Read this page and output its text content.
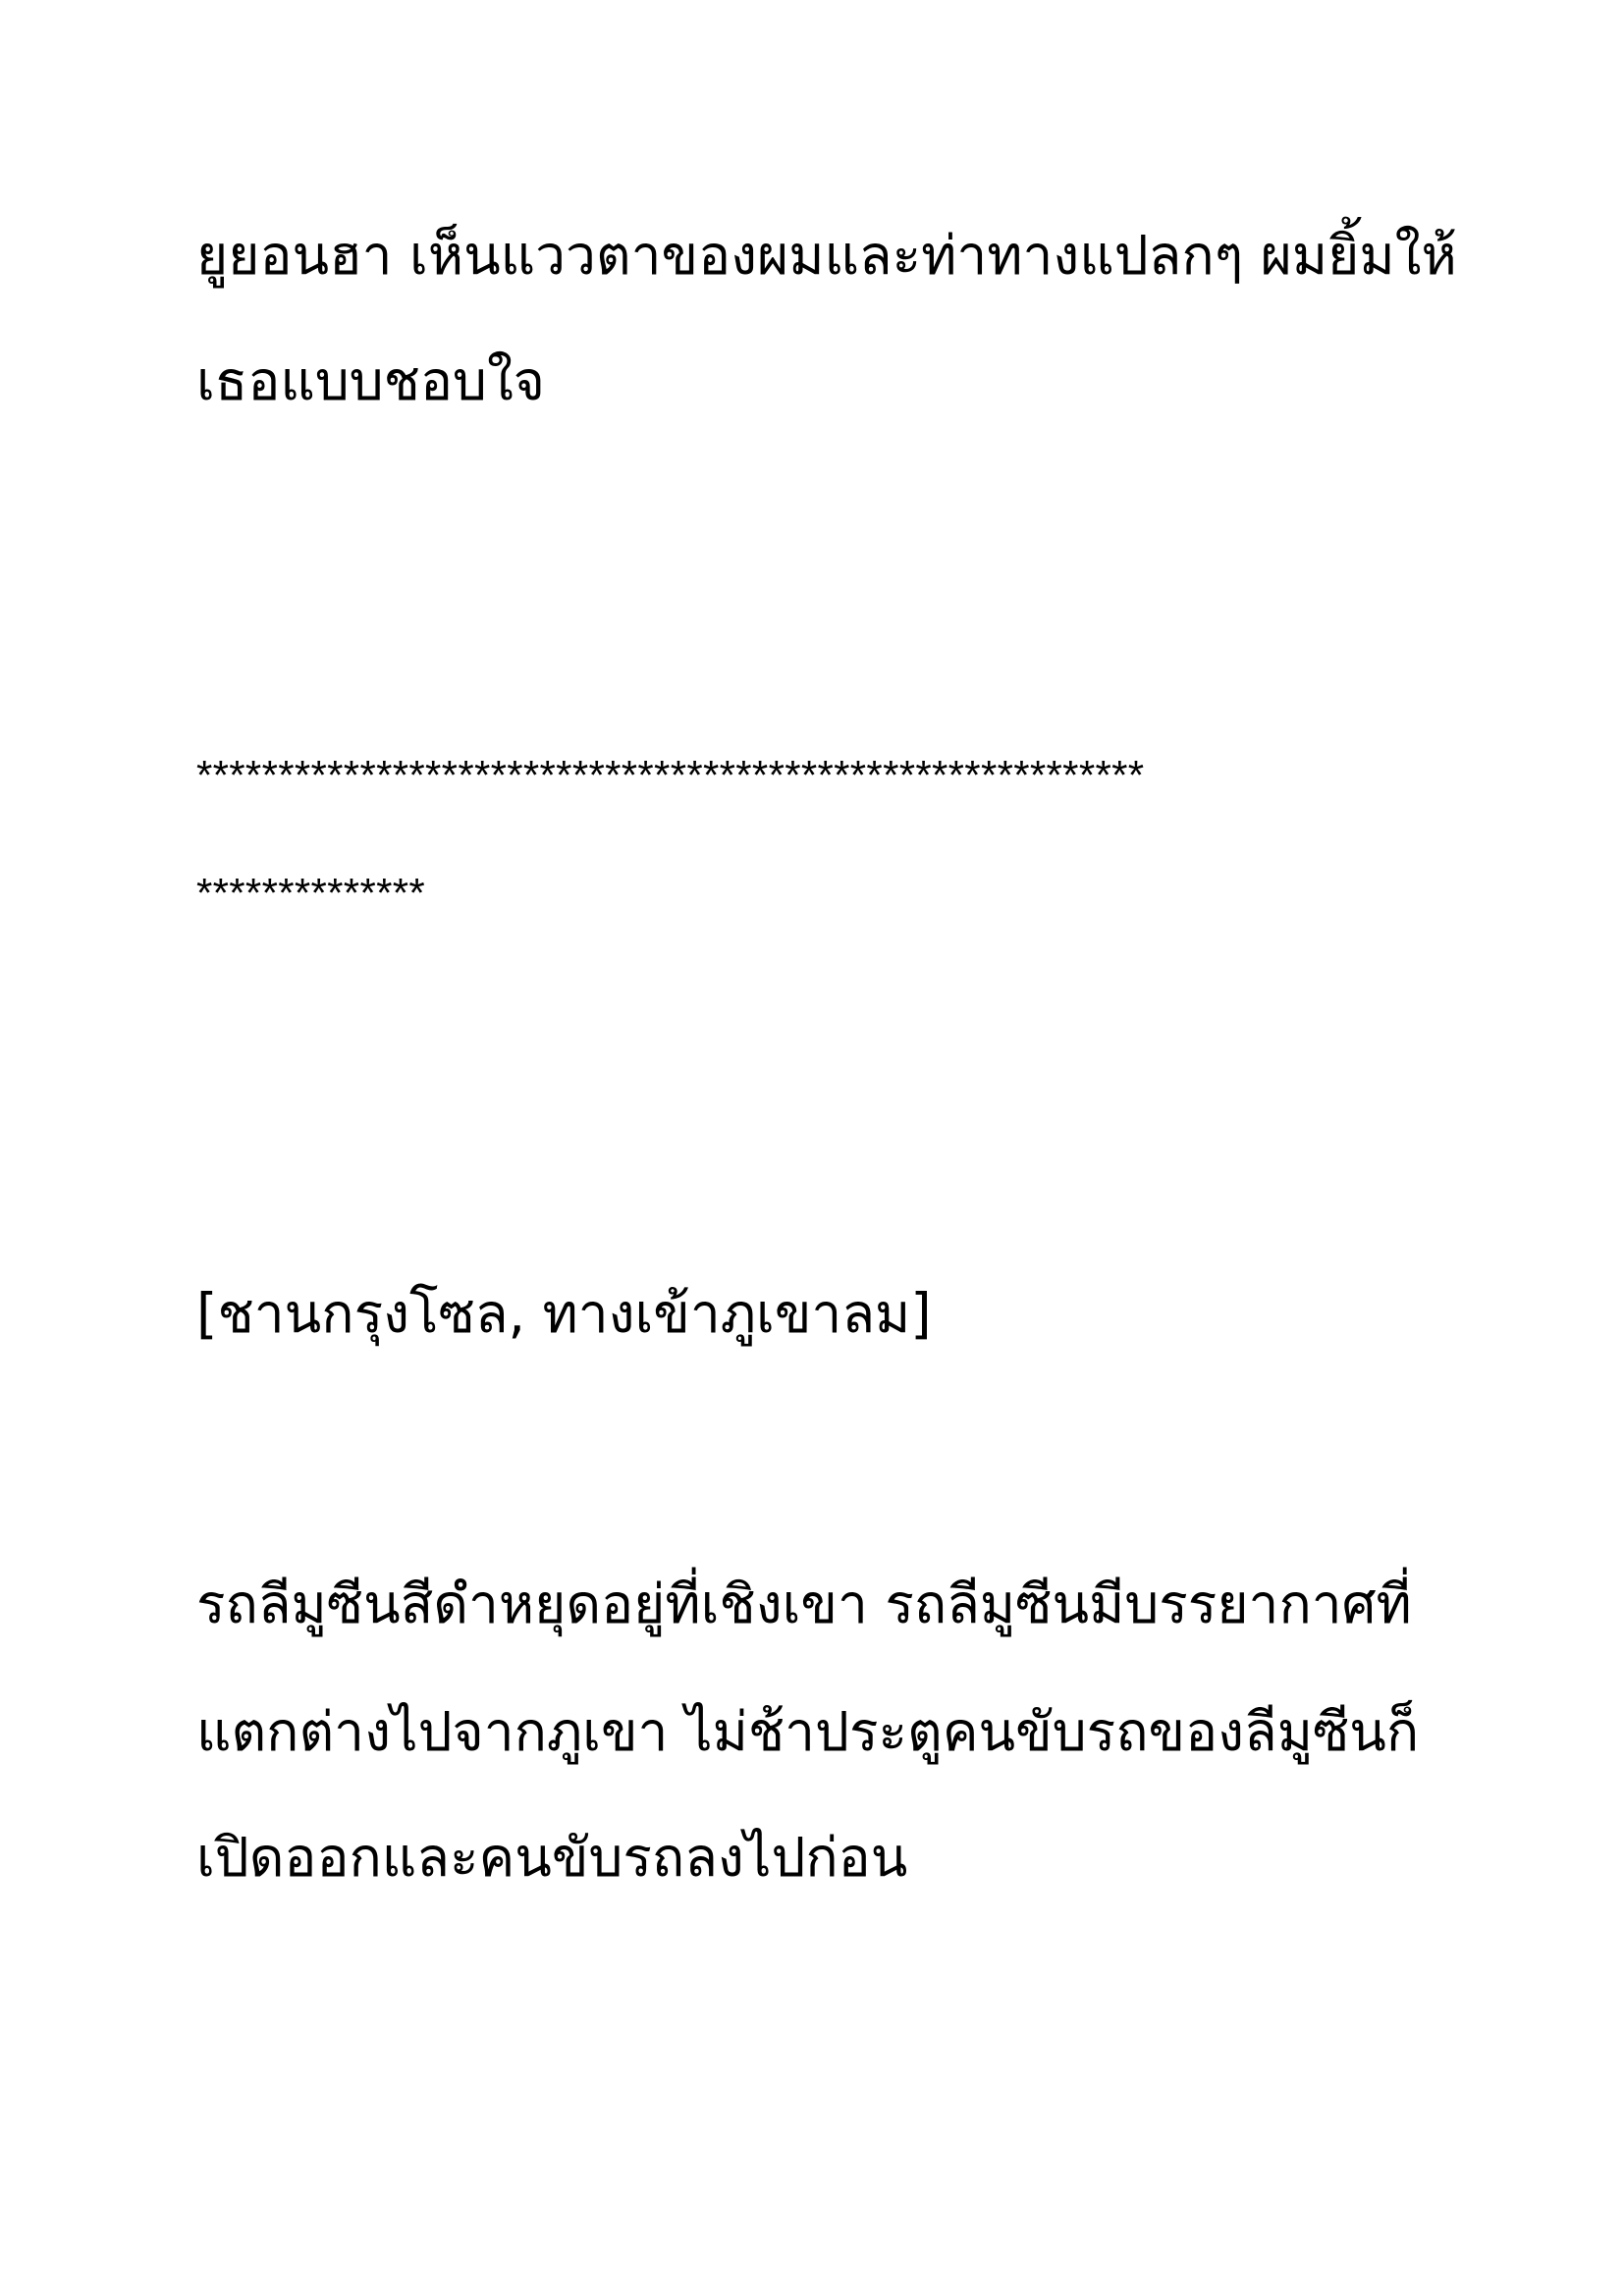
ยูยอนฮา เห็นแววตาของผมและท่าทางแปลกๆ ผมยิ้มให้
เธอแบบชอบใจ
**********************************************************
**************
[ชานกรุงโซล, ทางเข้าภูเขาลม]
รถลีมูซีนสีดำหยุดอยู่ที่เชิงเขา รถลีมูซีนมีบรรยากาศที่
แตกต่างไปจากภูเขา ไม่ช้าประตูคนขับรถของลีมูซีนก็
เปิดออกและคนขับรถลงไปก่อน
